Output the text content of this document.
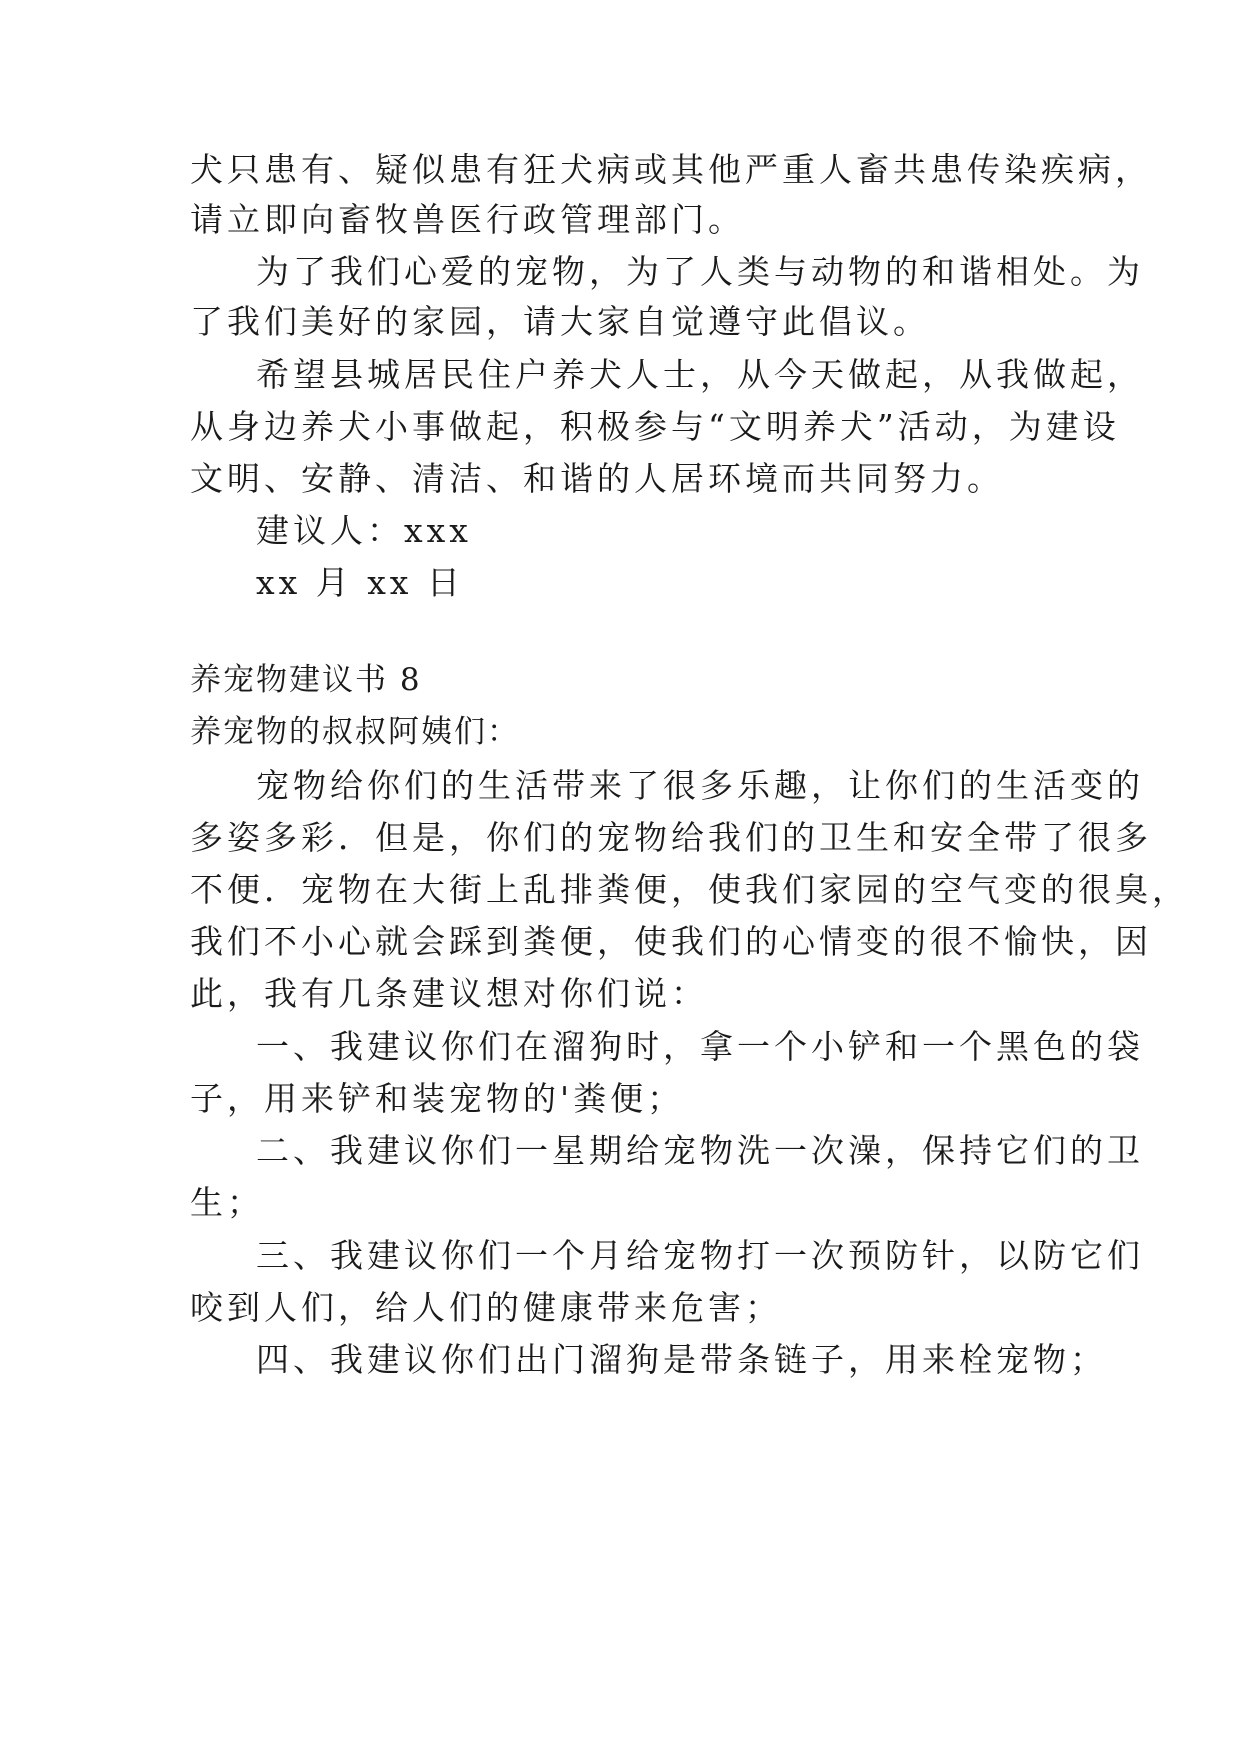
犬只患有、疑似患有狂犬病或其他严重人畜共患传染疾病，
请立即向畜牧兽医行政管理部门。
为了我们心爱的宠物，为了人类与动物的和谐相处。为
了我们美好的家园，请大家自觉遵守此倡议。
希望县城居民住户养犬人士，从今天做起，从我做起，
从身边养犬小事做起，积极参与“文明养犬”活动，为建设
文明、安静、清洁、和谐的人居环境而共同努力。
建议人：xxx
xx 月 xx 日
养宠物建议书 8
养宠物的叔叔阿姨们：
宠物给你们的生活带来了很多乐趣，让你们的生活变的
多姿多彩．但是，你们的宠物给我们的卫生和安全带了很多
不便．宠物在大街上乱排粪便，使我们家园的空气变的很臭，
我们不小心就会踩到粪便，使我们的心情变的很不愉快，因
此，我有几条建议想对你们说：
一、我建议你们在溜狗时，拿一个小铲和一个黑色的袋
子，用来铲和装宠物的'粪便；
二、我建议你们一星期给宠物洗一次澡，保持它们的卫
生；
三、我建议你们一个月给宠物打一次预防针，以防它们
咬到人们，给人们的健康带来危害；
四、我建议你们出门溜狗是带条链子，用来栓宠物；
